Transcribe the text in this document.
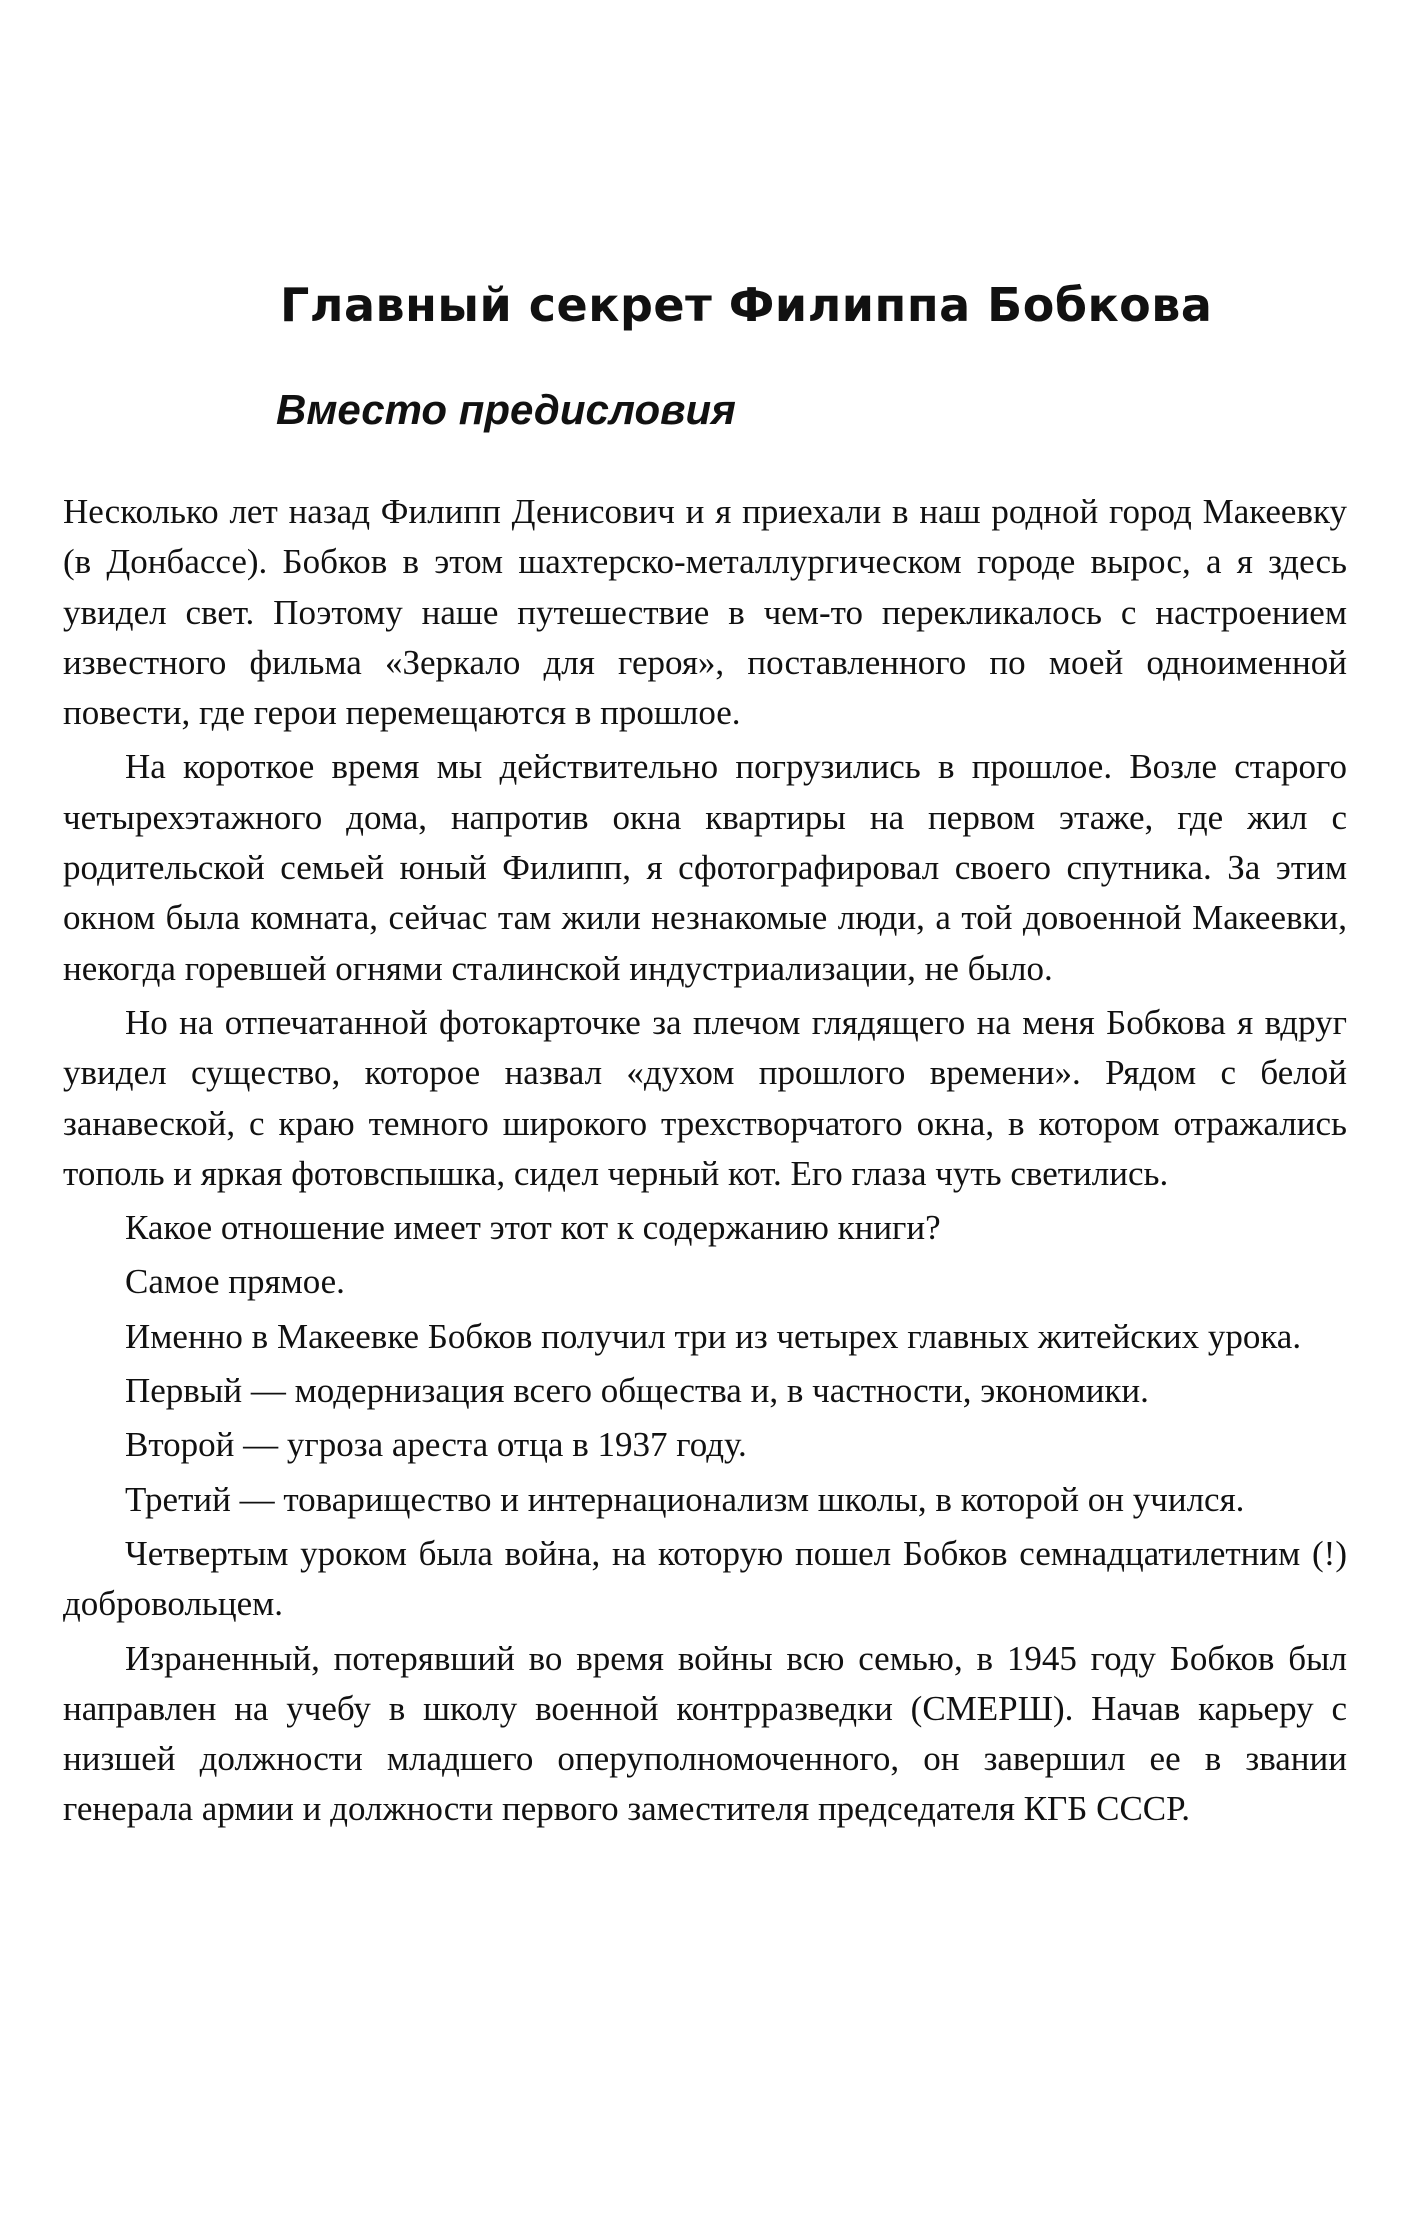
Главный секрет Филиппа Бобкова
Вместо предисловия

Несколько лет назад Филипп Денисович и я приехали в наш родной город Макеевку (в Донбассе). Бобков в этом шахтерско-металлургическом городе вырос, а я здесь увидел свет. Поэтому наше путешествие в чем-то перекликалось с настроением известного фильма «Зеркало для героя», поставленного по моей одноименной повести, где герои перемещаются в прошлое.

На короткое время мы действительно погрузились в прошлое. Возле старого четырехэтажного дома, напротив окна квартиры на первом этаже, где жил с родительской семьей юный Филипп, я сфотографировал своего спутника. За этим окном была комната, сейчас там жили незнакомые люди, а той довоенной Макеевки, некогда горевшей огнями сталинской индустриализации, не было.

Но на отпечатанной фотокарточке за плечом глядящего на меня Бобкова я вдруг увидел существо, которое назвал «духом прошлого времени». Рядом с белой занавеской, с краю темного широкого трехстворчатого окна, в котором отражались тополь и яркая фотовспышка, сидел черный кот. Его глаза чуть светились.

Какое отношение имеет этот кот к содержанию книги?

Самое прямое.

Именно в Макеевке Бобков получил три из четырех главных житейских урока.

Первый — модернизация всего общества и, в частности, экономики.

Второй — угроза ареста отца в 1937 году.

Третий — товарищество и интернационализм школы, в которой он учился.

Четвертым уроком была война, на которую пошел Бобков семнадцатилетним (!) добровольцем.

Израненный, потерявший во время войны всю семью, в 1945 году Бобков был направлен на учебу в школу военной контрразведки (СМЕРШ). Начав карьеру с низшей должности младшего оперуполномоченного, он завершил ее в звании генерала армии и должности первого заместителя председателя КГБ СССР.
